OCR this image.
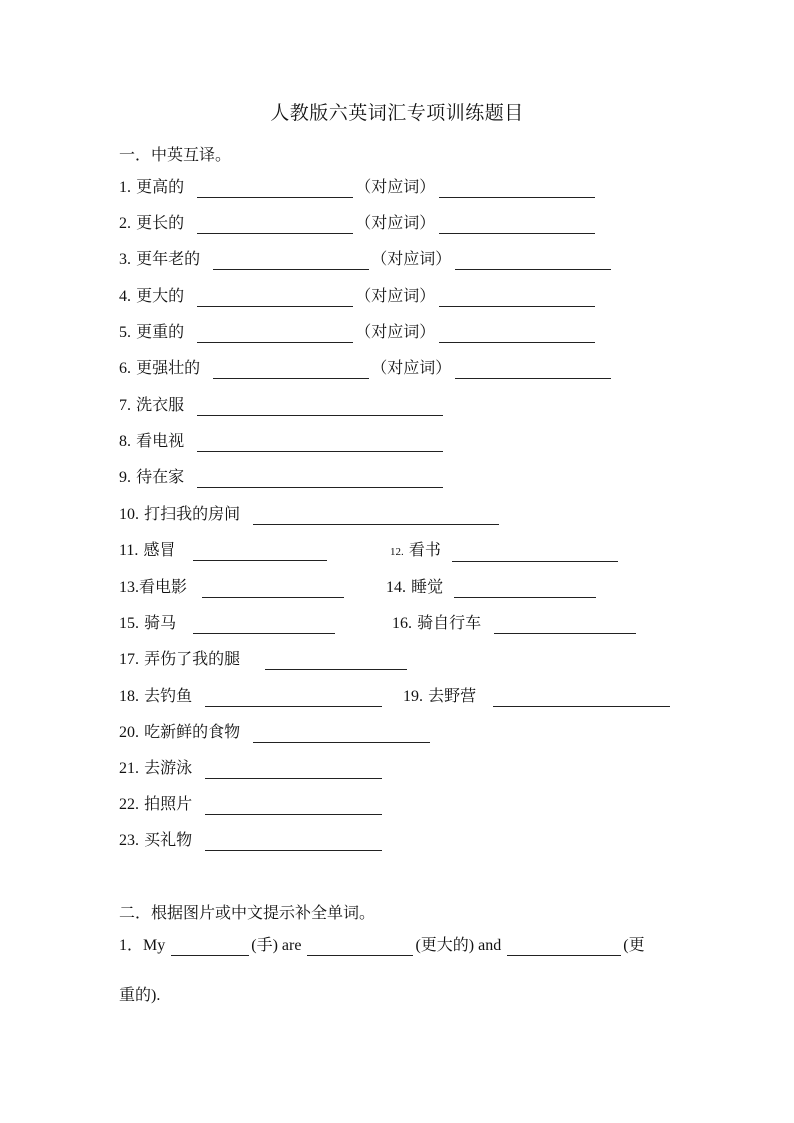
人教版六英词汇专项训练题目
一．中英互译。
1. 更高的	（对应词）
2. 更长的	（对应词）
3. 更年老的	（对应词）
4. 更大的	（对应词）
5. 更重的	（对应词）
6. 更强壮的	（对应词）
7. 洗衣服
8. 看电视
9. 待在家
10. 打扫我的房间
11. 感冒	12. 看书
13.看电影	14. 睡觉
15. 骑马	16. 骑自行车
17. 弄伤了我的腿
18. 去钓鱼	19. 去野营
20. 吃新鲜的食物
21. 去游泳
22. 拍照片
23. 买礼物
二．根据图片或中文提示补全单词。
1．My	(手) are	(更大的) and	(更
重的).
